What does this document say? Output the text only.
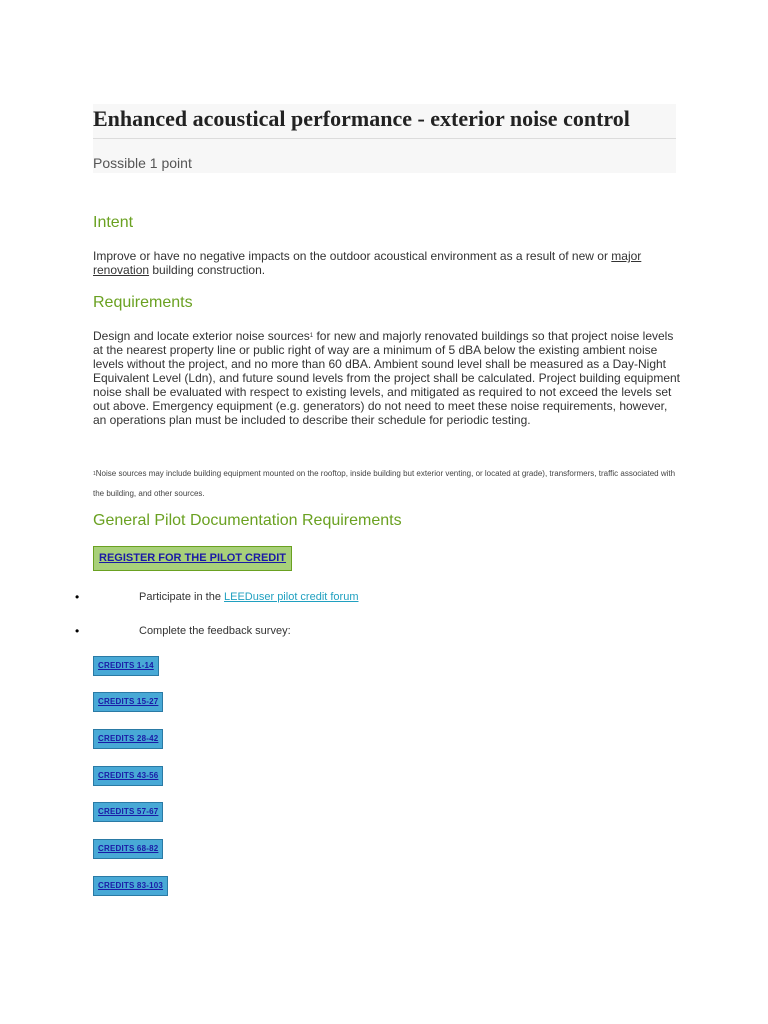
Enhanced acoustical performance - exterior noise control
Possible 1 point
Intent

Improve or have no negative impacts on the outdoor acoustical environment as a result of new or major renovation building construction.

Requirements

Design and locate exterior noise sources$^1$ for new and majorly renovated buildings so that project noise levels at the nearest property line or public right of way are a minimum of 5 dBA below the existing ambient noise levels without the project, and no more than 60 dBA. Ambient sound level shall be measured as a Day-Night Equivalent Level (Ldn), and future sound levels from the project shall be calculated. Project building equipment noise shall be evaluated with respect to existing levels, and mitigated as required to not exceed the levels set out above. Emergency equipment (e.g. generators) do not need to meet these noise requirements, however, an operations plan must be included to describe their schedule for periodic testing.

$^1$Noise sources may include building equipment mounted on the rooftop, inside building but exterior venting, or located at grade), transformers, traffic associated with the building, and other sources.

General Pilot Documentation Requirements
REGISTER FOR THE PILOT CREDIT
•	Participate in the LEEDuser pilot credit forum
•	Complete the feedback survey:
CREDITS 1-14
CREDITS 15-27
CREDITS 28-42
CREDITS 43-56
CREDITS 57-67
CREDITS 68-82
CREDITS 83-103
